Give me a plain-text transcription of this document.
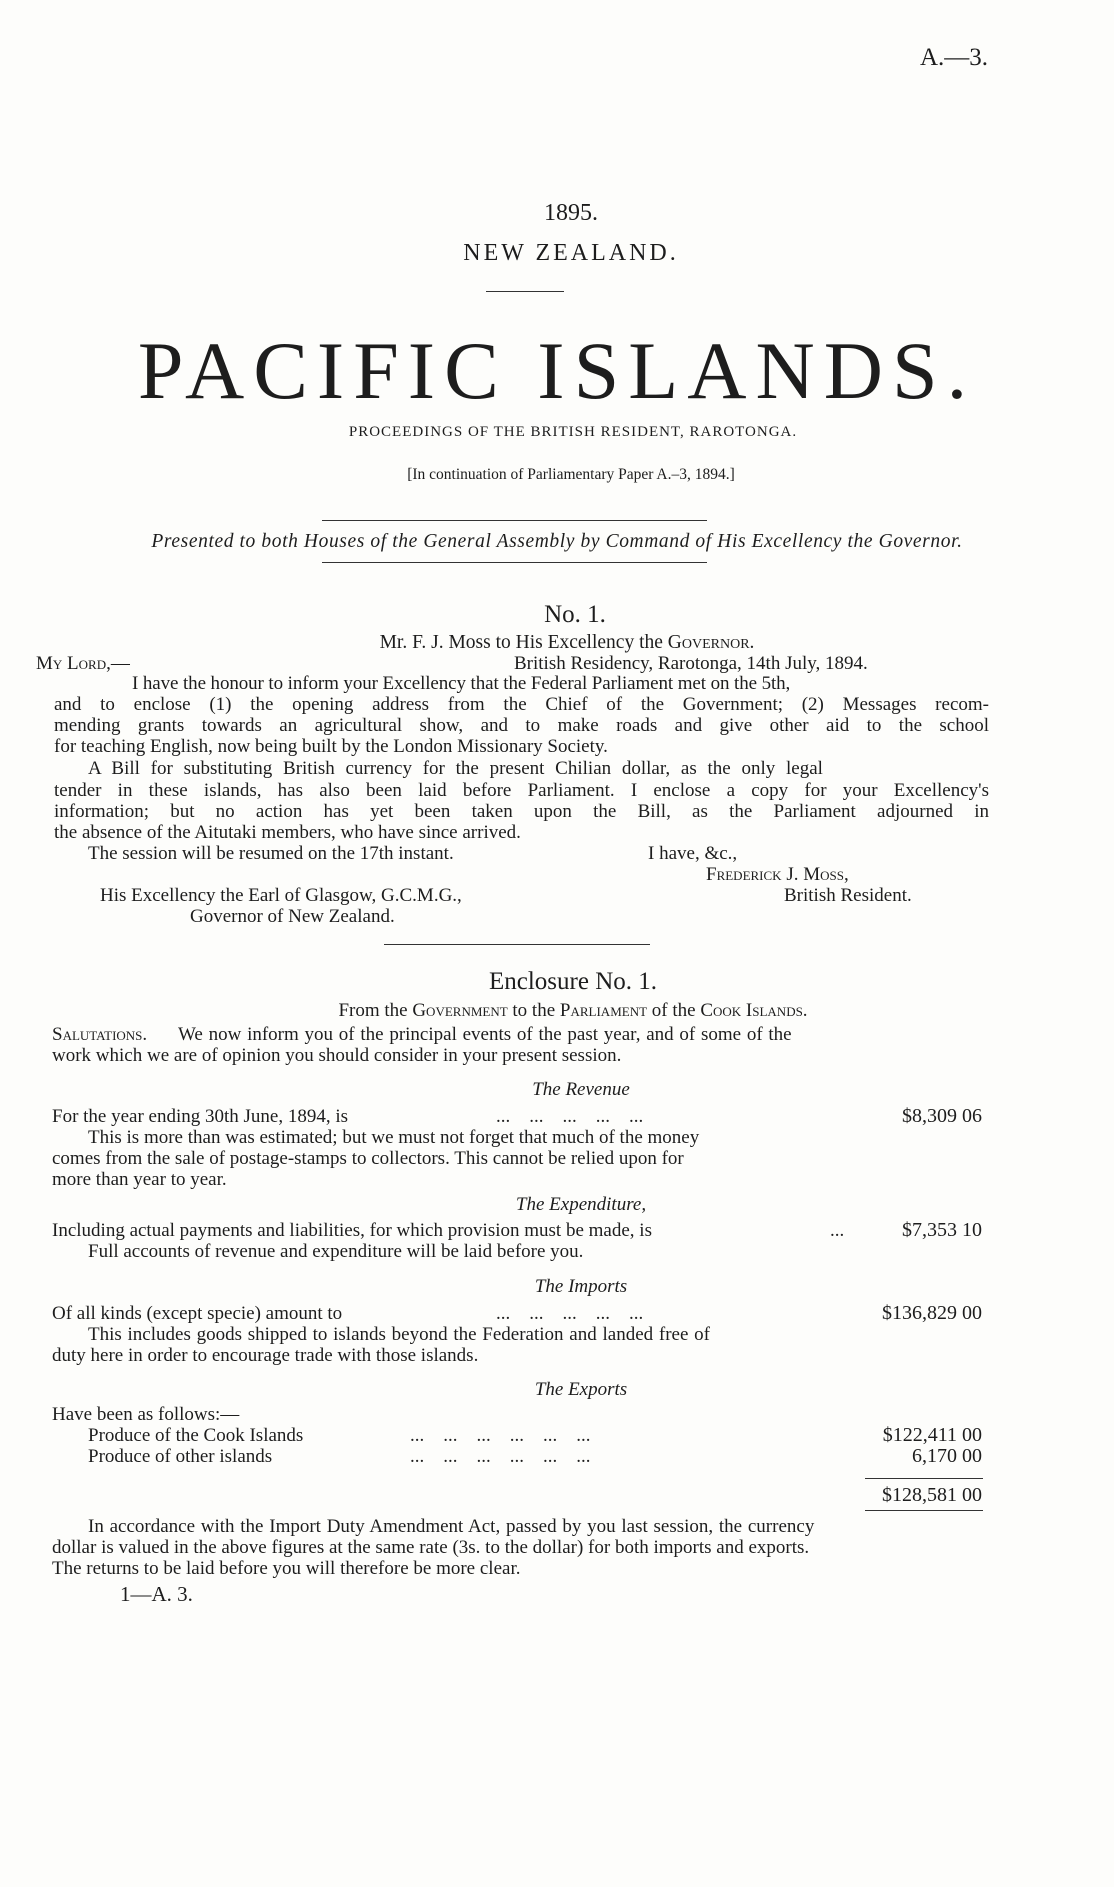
A.—3.
1895.
NEW ZEALAND.
PACIFIC ISLANDS.
PROCEEDINGS OF THE BRITISH RESIDENT, RAROTONGA.
[In continuation of Parliamentary Paper A.–3, 1894.]
Presented to both Houses of the General Assembly by Command of His Excellency the Governor.
No. 1.
Mr. F. J. Moss to His Excellency the Governor.
My Lord,—	British Residency, Rarotonga, 14th July, 1894.
I have the honour to inform your Excellency that the Federal Parliament met on the 5th,
and to enclose (1) the opening address from the Chief of the Government; (2) Messages recom-
mending grants towards an agricultural show, and to make roads and give other aid to the school
for teaching English, now being built by the London Missionary Society.
A Bill for substituting British currency for the present Chilian dollar, as the only legal
tender in these islands, has also been laid before Parliament. I enclose a copy for your Excellency's
information; but no action has yet been taken upon the Bill, as the Parliament adjourned in
the absence of the Aitutaki members, who have since arrived.
The session will be resumed on the 17th instant.	I have, &c.,
Frederick J. Moss,
His Excellency the Earl of Glasgow, G.C.M.G.,	British Resident.
Governor of New Zealand.
Enclosure No. 1.
From the Government to the Parliament of the Cook Islands.
Salutations. We now inform you of the principal events of the past year, and of some of the
work which we are of opinion you should consider in your present session.
The Revenue
For the year ending 30th June, 1894, is	...    ...    ...    ...    ...	$8,309 06
This is more than was estimated; but we must not forget that much of the money
comes from the sale of postage-stamps to collectors. This cannot be relied upon for
more than year to year.
The Expenditure,
Including actual payments and liabilities, for which provision must be made, is	...	$7,353 10
Full accounts of revenue and expenditure will be laid before you.
The Imports
Of all kinds (except specie) amount to	...    ...    ...    ...    ...	$136,829 00
This includes goods shipped to islands beyond the Federation and landed free of
duty here in order to encourage trade with those islands.
The Exports
Have been as follows:—
Produce of the Cook Islands	...    ...    ...    ...    ...    ...	$122,411 00
Produce of other islands	...    ...    ...    ...    ...    ...	6,170 00
$128,581 00
In accordance with the Import Duty Amendment Act, passed by you last session, the currency
dollar is valued in the above figures at the same rate (3s. to the dollar) for both imports and exports.
The returns to be laid before you will therefore be more clear.
1—A. 3.
